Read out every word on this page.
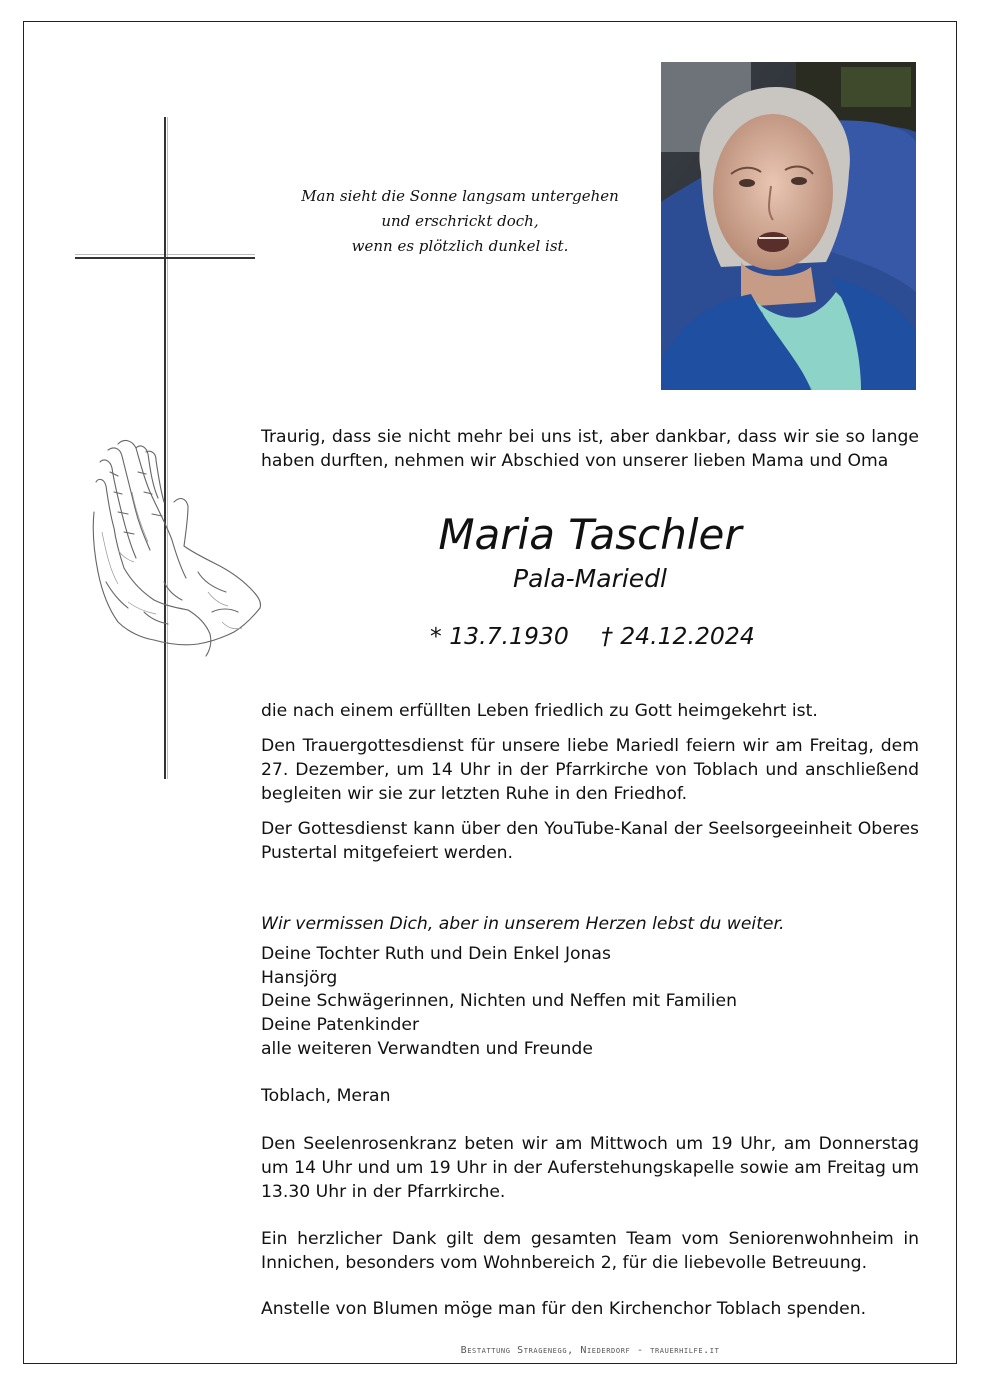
Man sieht die Sonne langsam untergehen
und erschrickt doch,
wenn es plötzlich dunkel ist.
Traurig, dass sie nicht mehr bei uns ist, aber dankbar, dass wir sie so lange
haben durften, nehmen wir Abschied von unserer lieben Mama und Oma
Maria Taschler
Pala-Mariedl
* 13.7.1930 † 24.12.2024
die nach einem erfüllten Leben friedlich zu Gott heimgekehrt ist.
Den Trauergottesdienst für unsere liebe Mariedl feiern wir am Freitag, dem
27. Dezember, um 14 Uhr in der Pfarrkirche von Toblach und anschließend
begleiten wir sie zur letzten Ruhe in den Friedhof.
Der Gottesdienst kann über den YouTube-Kanal der Seelsorgeeinheit Oberes
Pustertal mitgefeiert werden.
Wir vermissen Dich, aber in unserem Herzen lebst du weiter.
Deine Tochter Ruth und Dein Enkel Jonas
Hansjörg
Deine Schwägerinnen, Nichten und Neffen mit Familien
Deine Patenkinder
alle weiteren Verwandten und Freunde
Toblach, Meran
Den Seelenrosenkranz beten wir am Mittwoch um 19 Uhr, am Donnerstag
um 14 Uhr und um 19 Uhr in der Auferstehungskapelle sowie am Freitag um
13.30 Uhr in der Pfarrkirche.
Ein herzlicher Dank gilt dem gesamten Team vom Seniorenwohnheim in
Innichen, besonders vom Wohnbereich 2, für die liebevolle Betreuung.
Anstelle von Blumen möge man für den Kirchenchor Toblach spenden.
Bestattung Stragenegg, Niederdorf - trauerhilfe.it
